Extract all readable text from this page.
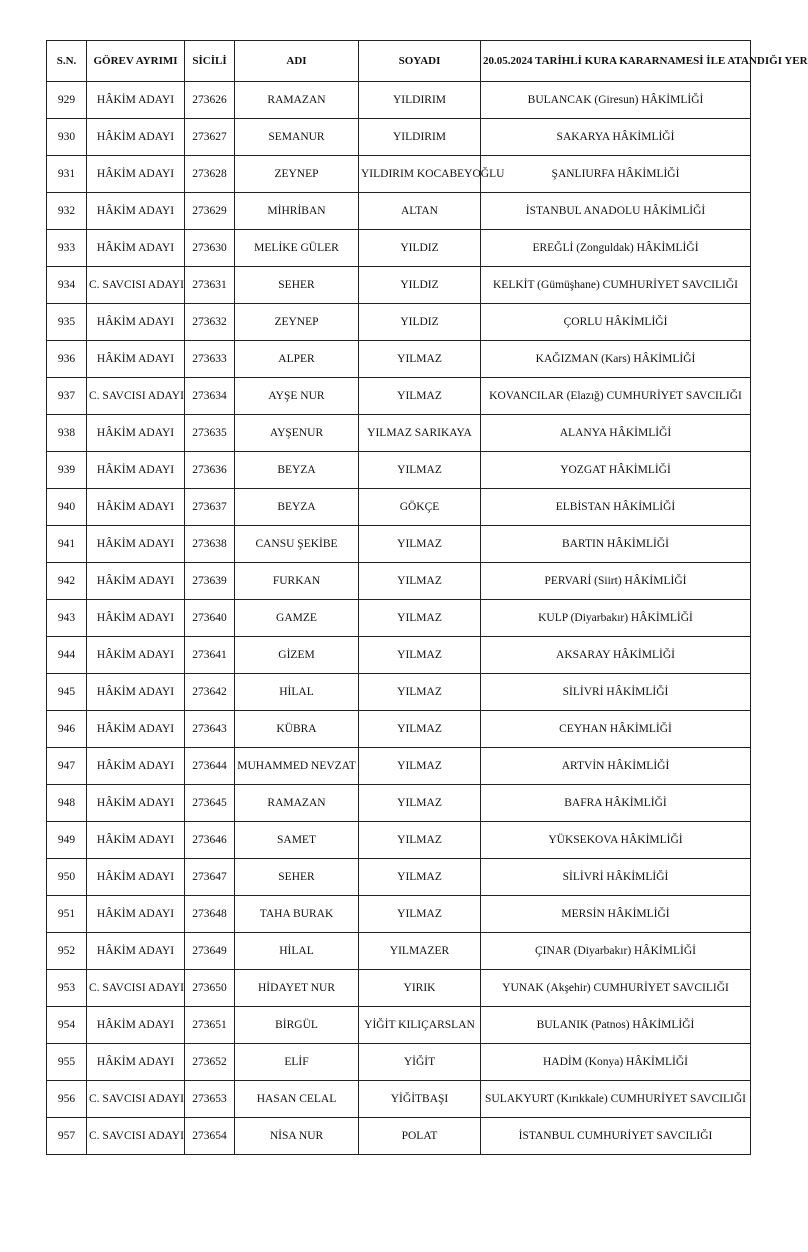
S.N.	GÖREV AYRIMI	SİCİLİ	ADI	SOYADI	20.05.2024 TARİHLİ KURA KARARNAMESİ İLE ATANDIĞI YER
929	HÂKİM ADAYI	273626	RAMAZAN	YILDIRIM	BULANCAK (Giresun) HÂKİMLİĞİ
930	HÂKİM ADAYI	273627	SEMANUR	YILDIRIM	SAKARYA HÂKİMLİĞİ
931	HÂKİM ADAYI	273628	ZEYNEP	YILDIRIM KOCABEYOĞLU	ŞANLIURFA HÂKİMLİĞİ
932	HÂKİM ADAYI	273629	MİHRİBAN	ALTAN	İSTANBUL ANADOLU HÂKİMLİĞİ
933	HÂKİM ADAYI	273630	MELİKE GÜLER	YILDIZ	EREĞLİ (Zonguldak) HÂKİMLİĞİ
934	C. SAVCISI ADAYI	273631	SEHER	YILDIZ	KELKİT (Gümüşhane) CUMHURİYET SAVCILIĞI
935	HÂKİM ADAYI	273632	ZEYNEP	YILDIZ	ÇORLU HÂKİMLİĞİ
936	HÂKİM ADAYI	273633	ALPER	YILMAZ	KAĞIZMAN (Kars) HÂKİMLİĞİ
937	C. SAVCISI ADAYI	273634	AYŞE NUR	YILMAZ	KOVANCILAR (Elazığ) CUMHURİYET SAVCILIĞI
938	HÂKİM ADAYI	273635	AYŞENUR	YILMAZ SARIKAYA	ALANYA HÂKİMLİĞİ
939	HÂKİM ADAYI	273636	BEYZA	YILMAZ	YOZGAT HÂKİMLİĞİ
940	HÂKİM ADAYI	273637	BEYZA	GÖKÇE	ELBİSTAN HÂKİMLİĞİ
941	HÂKİM ADAYI	273638	CANSU ŞEKİBE	YILMAZ	BARTIN HÂKİMLİĞİ
942	HÂKİM ADAYI	273639	FURKAN	YILMAZ	PERVARİ (Siirt) HÂKİMLİĞİ
943	HÂKİM ADAYI	273640	GAMZE	YILMAZ	KULP (Diyarbakır) HÂKİMLİĞİ
944	HÂKİM ADAYI	273641	GİZEM	YILMAZ	AKSARAY HÂKİMLİĞİ
945	HÂKİM ADAYI	273642	HİLAL	YILMAZ	SİLİVRİ HÂKİMLİĞİ
946	HÂKİM ADAYI	273643	KÜBRA	YILMAZ	CEYHAN HÂKİMLİĞİ
947	HÂKİM ADAYI	273644	MUHAMMED NEVZAT	YILMAZ	ARTVİN HÂKİMLİĞİ
948	HÂKİM ADAYI	273645	RAMAZAN	YILMAZ	BAFRA HÂKİMLİĞİ
949	HÂKİM ADAYI	273646	SAMET	YILMAZ	YÜKSEKOVA HÂKİMLİĞİ
950	HÂKİM ADAYI	273647	SEHER	YILMAZ	SİLİVRİ HÂKİMLİĞİ
951	HÂKİM ADAYI	273648	TAHA BURAK	YILMAZ	MERSİN HÂKİMLİĞİ
952	HÂKİM ADAYI	273649	HİLAL	YILMAZER	ÇINAR (Diyarbakır) HÂKİMLİĞİ
953	C. SAVCISI ADAYI	273650	HİDAYET NUR	YIRIK	YUNAK (Akşehir) CUMHURİYET SAVCILIĞI
954	HÂKİM ADAYI	273651	BİRGÜL	YİĞİT KILIÇARSLAN	BULANIK (Patnos) HÂKİMLİĞİ
955	HÂKİM ADAYI	273652	ELİF	YİĞİT	HADİM (Konya) HÂKİMLİĞİ
956	C. SAVCISI ADAYI	273653	HASAN CELAL	YİĞİTBAŞI	SULAKYURT (Kırıkkale) CUMHURİYET SAVCILIĞI
957	C. SAVCISI ADAYI	273654	NİSA NUR	POLAT	İSTANBUL CUMHURİYET SAVCILIĞI
